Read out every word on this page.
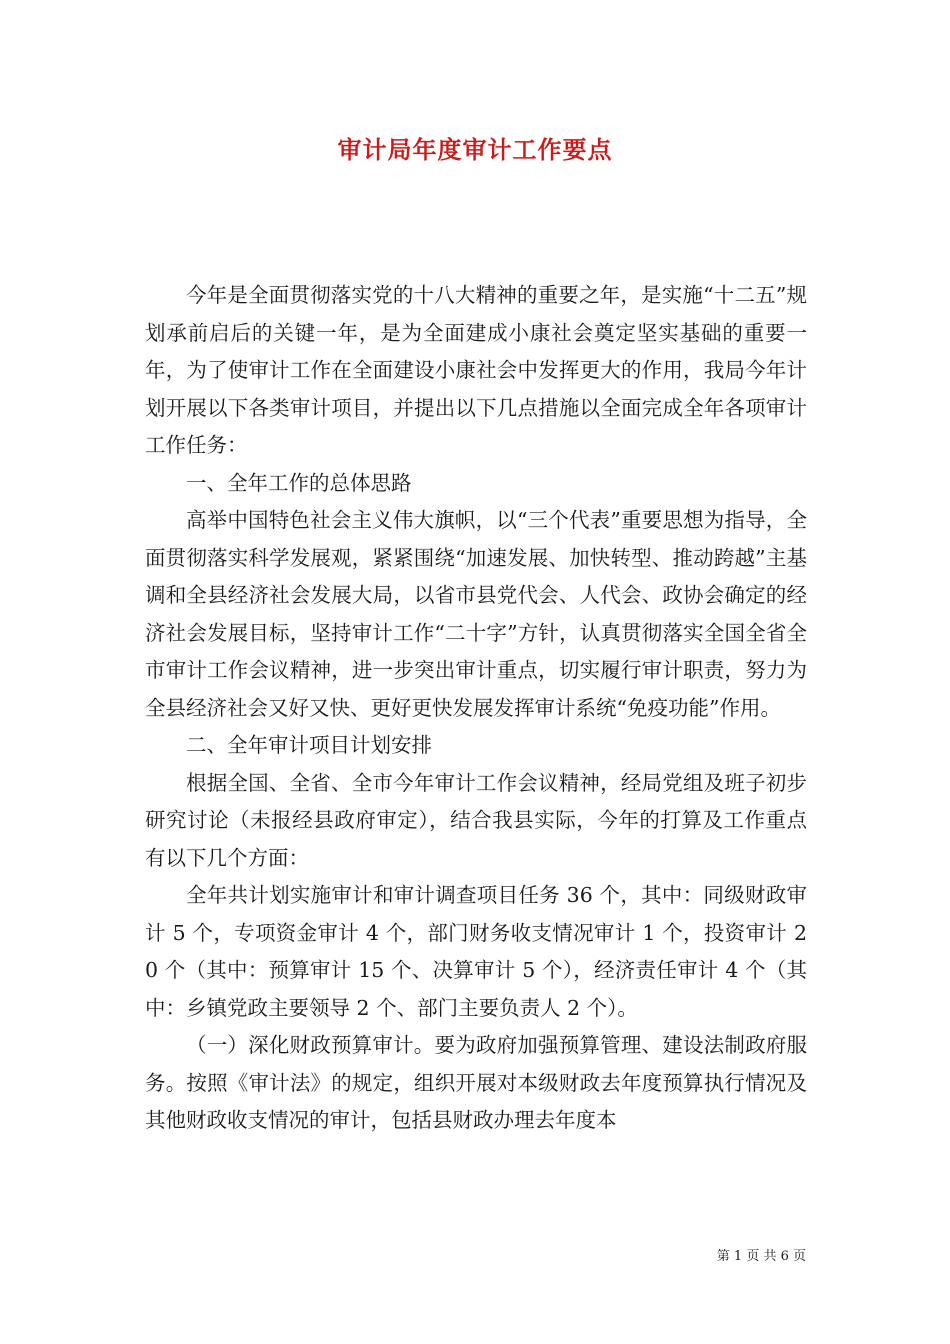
审计局年度审计工作要点

今年是全面贯彻落实党的十八大精神的重要之年，是实施“十二五”规划承前启后的关键一年，是为全面建成小康社会奠定坚实基础的重要一年，为了使审计工作在全面建设小康社会中发挥更大的作用，我局今年计划开展以下各类审计项目，并提出以下几点措施以全面完成全年各项审计工作任务：

一、全年工作的总体思路

高举中国特色社会主义伟大旗帜，以“三个代表”重要思想为指导，全面贯彻落实科学发展观，紧紧围绕“加速发展、加快转型、推动跨越”主基调和全县经济社会发展大局，以省市县党代会、人代会、政协会确定的经济社会发展目标，坚持审计工作“二十字”方针，认真贯彻落实全国全省全市审计工作会议精神，进一步突出审计重点，切实履行审计职责，努力为全县经济社会又好又快、更好更快发展发挥审计系统“免疫功能”作用。

二、全年审计项目计划安排

根据全国、全省、全市今年审计工作会议精神，经局党组及班子初步研究讨论（未报经县政府审定），结合我县实际，今年的打算及工作重点有以下几个方面：

全年共计划实施审计和审计调查项目任务 36 个，其中：同级财政审计 5 个，专项资金审计 4 个，部门财务收支情况审计 1 个，投资审计 20 个（其中：预算审计 15 个、决算审计 5 个），经济责任审计 4 个（其中：乡镇党政主要领导 2 个、部门主要负责人 2 个）。

（一）深化财政预算审计。要为政府加强预算管理、建设法制政府服务。按照《审计法》的规定，组织开展对本级财政去年度预算执行情况及其他财政收支情况的审计，包括县财政办理去年度本

第 1 页 共 6 页
